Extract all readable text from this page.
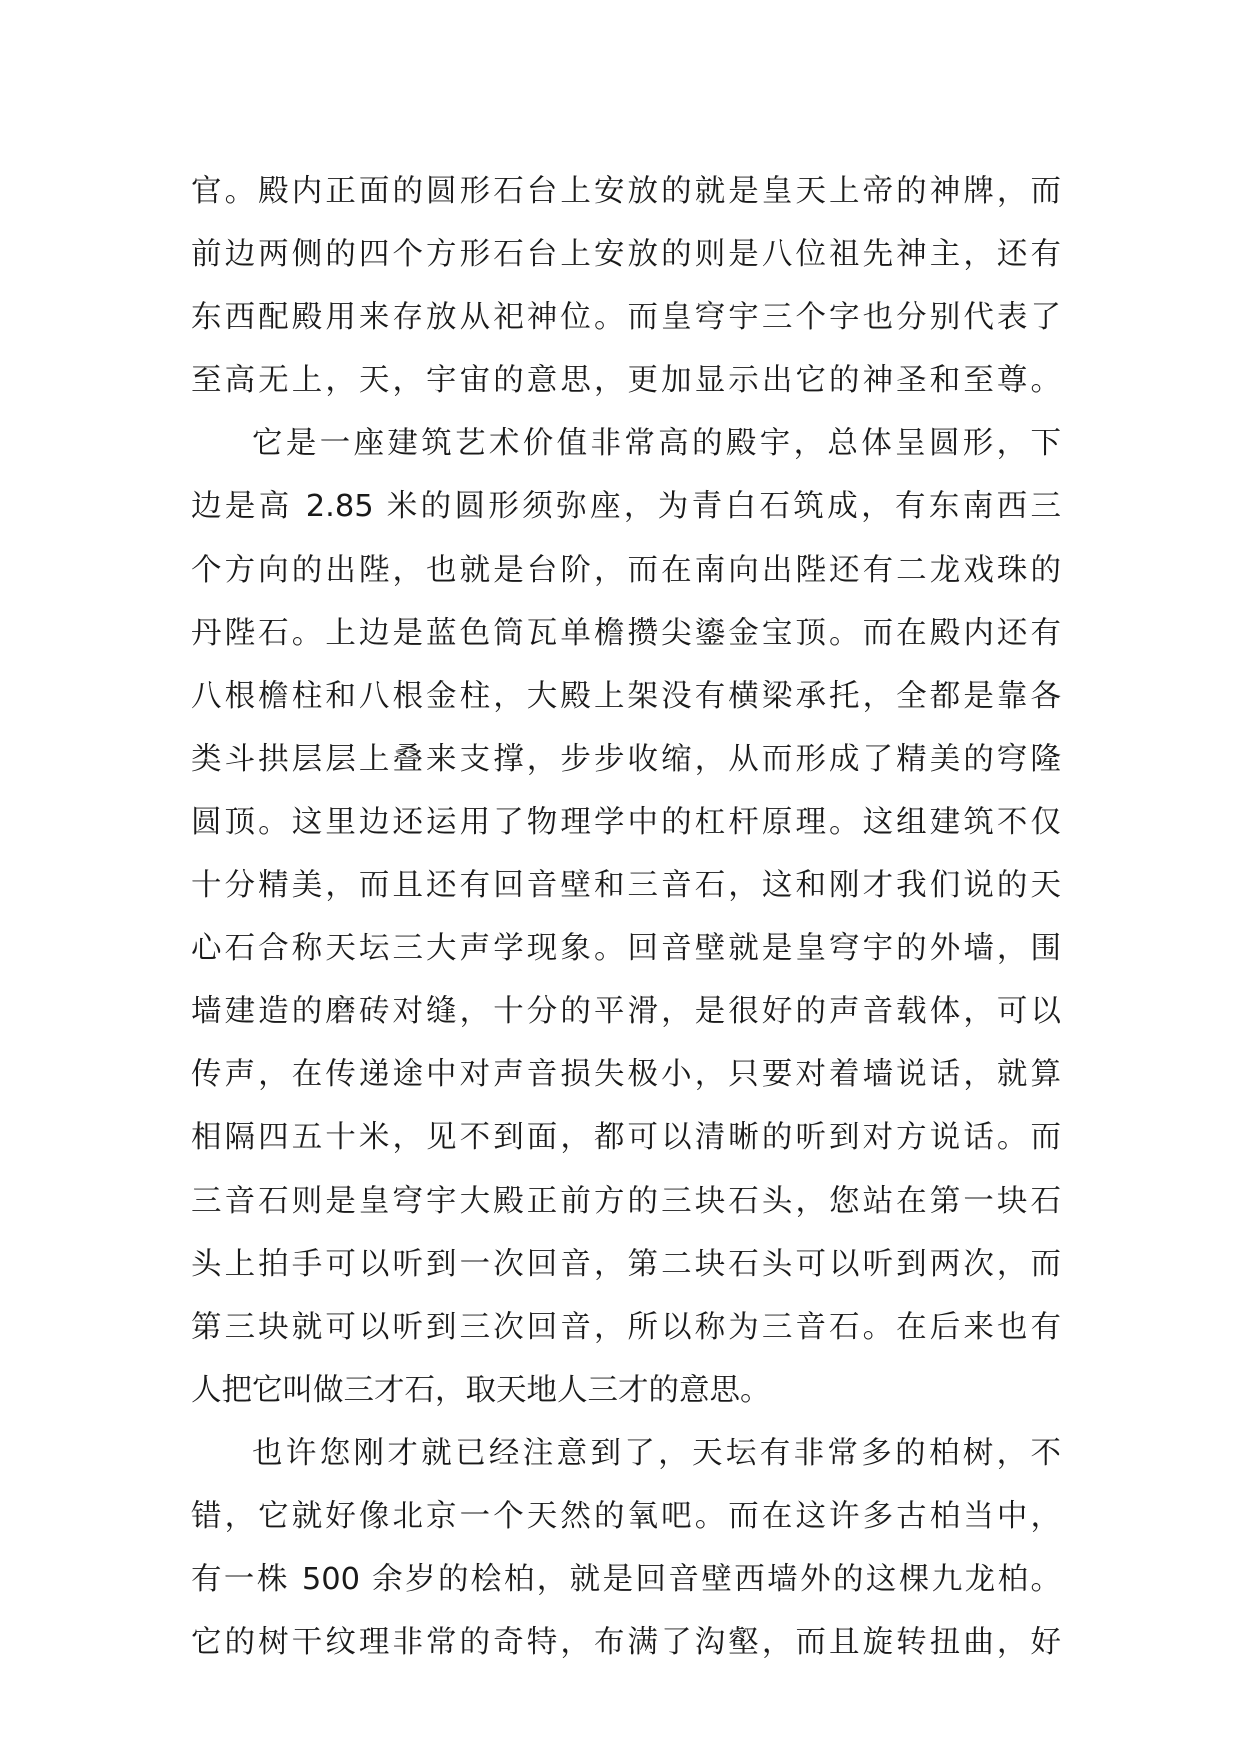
官。殿内正面的圆形石台上安放的就是皇天上帝的神牌，而
前边两侧的四个方形石台上安放的则是八位祖先神主，还有
东西配殿用来存放从祀神位。而皇穹宇三个字也分别代表了
至高无上，天，宇宙的意思，更加显示出它的神圣和至尊。
它是一座建筑艺术价值非常高的殿宇，总体呈圆形，下
边是高 2.85 米的圆形须弥座，为青白石筑成，有东南西三
个方向的出陛，也就是台阶，而在南向出陛还有二龙戏珠的
丹陛石。上边是蓝色筒瓦单檐攒尖鎏金宝顶。而在殿内还有
八根檐柱和八根金柱，大殿上架没有横梁承托，全都是靠各
类斗拱层层上叠来支撑，步步收缩，从而形成了精美的穹隆
圆顶。这里边还运用了物理学中的杠杆原理。这组建筑不仅
十分精美，而且还有回音壁和三音石，这和刚才我们说的天
心石合称天坛三大声学现象。回音壁就是皇穹宇的外墙，围
墙建造的磨砖对缝，十分的平滑，是很好的声音载体，可以
传声，在传递途中对声音损失极小，只要对着墙说话，就算
相隔四五十米，见不到面，都可以清晰的听到对方说话。而
三音石则是皇穹宇大殿正前方的三块石头，您站在第一块石
头上拍手可以听到一次回音，第二块石头可以听到两次，而
第三块就可以听到三次回音，所以称为三音石。在后来也有
人把它叫做三才石，取天地人三才的意思。
也许您刚才就已经注意到了，天坛有非常多的柏树，不
错，它就好像北京一个天然的氧吧。而在这许多古柏当中，
有一株 500 余岁的桧柏，就是回音壁西墙外的这棵九龙柏。
它的树干纹理非常的奇特，布满了沟壑，而且旋转扭曲，好
